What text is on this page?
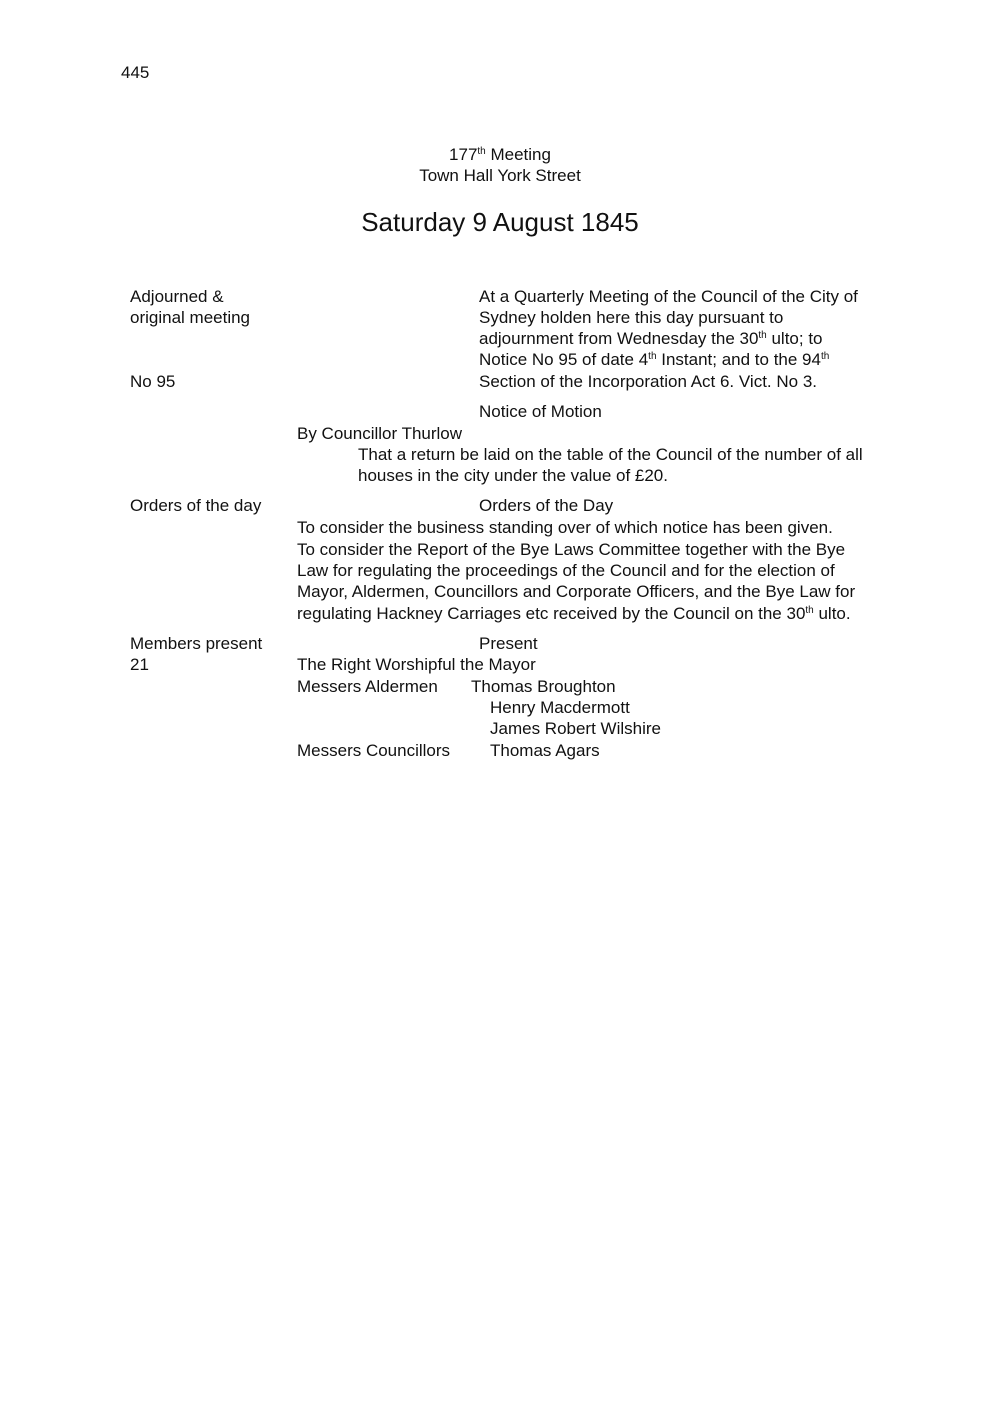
445
177th Meeting
Town Hall York Street
Saturday 9 August 1845
Adjourned &
original meeting
No 95
Orders of the day
Members present
21
At a Quarterly Meeting of the Council of the City of
Sydney holden here this day pursuant to
adjournment from Wednesday the 30th ulto; to
Notice No 95 of date 4th Instant; and to the 94th
Section of the Incorporation Act 6. Vict. No 3.
Notice of Motion
By Councillor Thurlow
That a return be laid on the table of the Council of the number of all
houses in the city under the value of £20.
Orders of the Day
To consider the business standing over of which notice has been given.
To consider the Report of the Bye Laws Committee together with the Bye
Law for regulating the proceedings of the Council and for the election of
Mayor, Aldermen, Councillors and Corporate Officers, and the Bye Law for
regulating Hackney Carriages etc received by the Council on the 30th ulto.
Present
The Right Worshipful the Mayor
Messers Aldermen Thomas Broughton
Henry Macdermott
James Robert Wilshire
Messers Councillors Thomas Agars
